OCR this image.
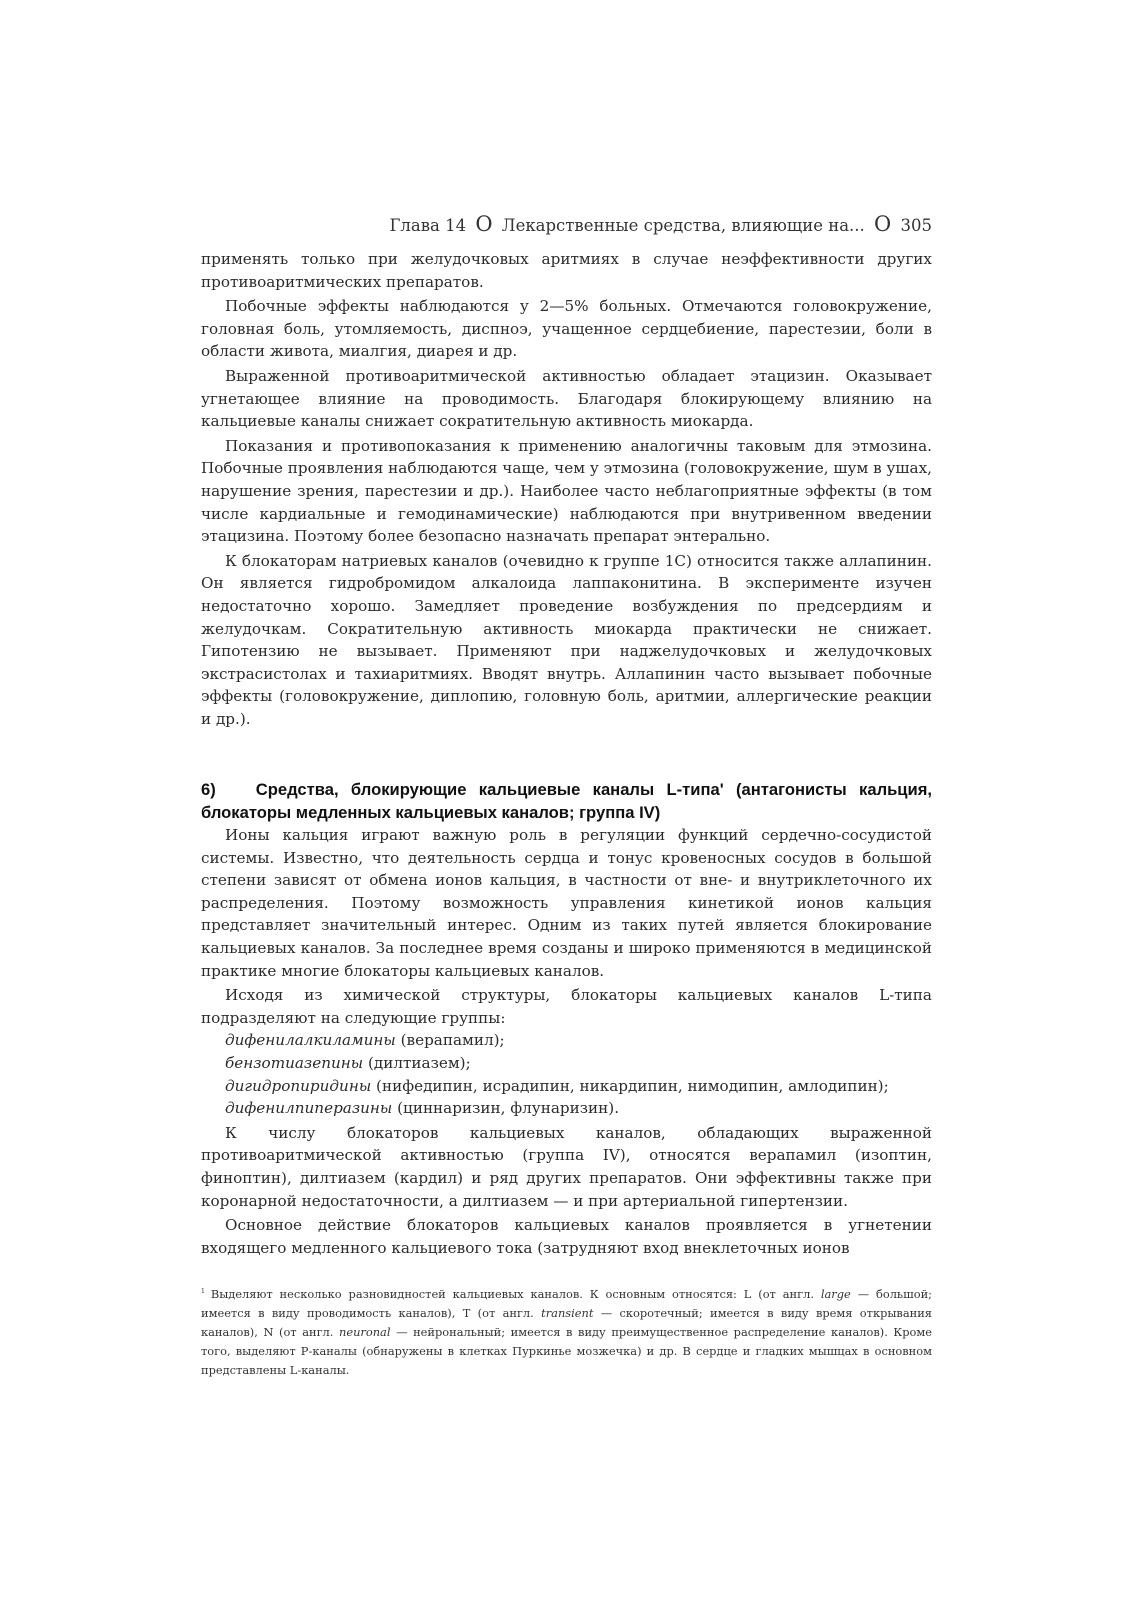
Глава 14 O Лекарственные средства, влияющие на... O 305

применять только при желудочковых аритмиях в случае неэффективности других противоаритмических препаратов.

Побочные эффекты наблюдаются у 2—5% больных. Отмечаются головокружение, головная боль, утомляемость, диспноэ, учащенное сердцебиение, парестезии, боли в области живота, миалгия, диарея и др.

Выраженной противоаритмической активностью обладает этацизин. Оказывает угнетающее влияние на проводимость. Благодаря блокирующему влиянию на кальциевые каналы снижает сократительную активность миокарда.

Показания и противопоказания к применению аналогичны таковым для этмозина. Побочные проявления наблюдаются чаще, чем у этмозина (головокружение, шум в ушах, нарушение зрения, парестезии и др.). Наиболее часто неблагоприятные эффекты (в том числе кардиальные и гемодинамические) наблюдаются при внутривенном введении этацизина. Поэтому более безопасно назначать препарат энтерально.

К блокаторам натриевых каналов (очевидно к группе 1С) относится также аллапинин. Он является гидробромидом алкалоида лаппаконитина. В эксперименте изучен недостаточно хорошо. Замедляет проведение возбуждения по предсердиям и желудочкам. Сократительную активность миокарда практически не снижает. Гипотензию не вызывает. Применяют при наджелудочковых и желудочковых экстрасистолах и тахиаритмиях. Вводят внутрь. Аллапинин часто вызывает побочные эффекты (головокружение, диплопию, головную боль, аритмии, аллергические реакции и др.).

6) Средства, блокирующие кальциевые каналы L-типа' (антагонисты кальция, блокаторы медленных кальциевых каналов; группа IV)

Ионы кальция играют важную роль в регуляции функций сердечно-сосудистой системы. Известно, что деятельность сердца и тонус кровеносных сосудов в большой степени зависят от обмена ионов кальция, в частности от вне- и внутриклеточного их распределения. Поэтому возможность управления кинетикой ионов кальция представляет значительный интерес. Одним из таких путей является блокирование кальциевых каналов. За последнее время созданы и широко применяются в медицинской практике многие блокаторы кальциевых каналов.

Исходя из химической структуры, блокаторы кальциевых каналов L-типа подразделяют на следующие группы:

дифенилалкиламины (верапамил);
бензотиазепины (дилтиазем);
дигидропиридины (нифедипин, исрадипин, никардипин, нимодипин, амлодипин);
дифенилпиперазины (циннаризин, флунаризин).

К числу блокаторов кальциевых каналов, обладающих выраженной противоаритмической активностью (группа IV), относятся верапамил (изоптин, финоптин), дилтиазем (кардил) и ряд других препаратов. Они эффективны также при коронарной недостаточности, а дилтиазем — и при артериальной гипертензии.

Основное действие блокаторов кальциевых каналов проявляется в угнетении входящего медленного кальциевого тока (затрудняют вход внеклеточных ионов

$^1$ Выделяют несколько разновидностей кальциевых каналов. К основным относятся: L (от англ. large — большой; имеется в виду проводимость каналов), Т (от англ. transient — скоротечный; имеется в виду время открывания каналов), N (от англ. neuronal — нейрональный; имеется в виду преимущественное распределение каналов). Кроме того, выделяют Р-каналы (обнаружены в клетках Пуркинье мозжечка) и др. В сердце и гладких мышцах в основном представлены L-каналы.
